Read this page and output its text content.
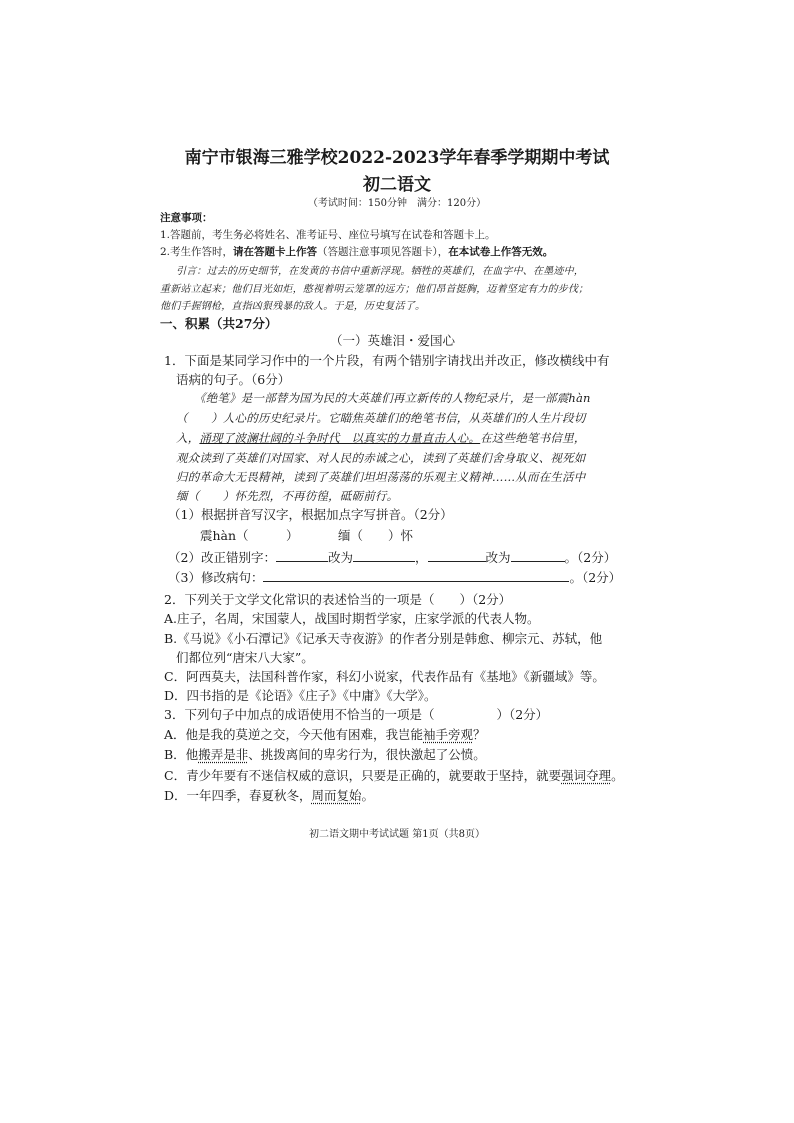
南宁市银海三雅学校2022-2023学年春季学期期中考试
初二语文
（考试时间：150分钟　满分：120分）
注意事项：
1.答题前，考生务必将姓名、准考证号、座位号填写在试卷和答题卡上。
2.考生作答时，请在答题卡上作答（答题注意事项见答题卡），在本试卷上作答无效。
引言：过去的历史细节，在发黄的书信中重新浮现。牺牲的英雄们，在血字中、在墨迹中，
重新站立起来；他们目光如炬，憨视着明云笼罩的远方；他们昂首挺胸，迈着坚定有力的步伐；
他们手握钢枪，直指凶狠残暴的敌人。于是，历史复活了。
一、积累（共27分）
（一）英雄泪・爱国心
1．下面是某同学习作中的一个片段，有两个错别字请找出并改正，修改横线中有
语病的句子。（6分）
《绝笔》是一部替为国为民的大英雄们再立新传的人物纪录片，是一部震hàn
（　　）人心的历史纪录片。它瞄焦英雄们的绝笔书信，从英雄们的人生片段切
入，涌现了波澜壮阔的斗争时代　以真实的力量直击人心。在这些绝笔书信里，
观众读到了英雄们对国家、对人民的赤诚之心，读到了英雄们舍身取义、视死如
归的革命大无畏精神，读到了英雄们坦坦荡荡的乐观主义精神……从而在生活中
缅（　　）怀先烈，不再彷徨，砥砺前行。
（1）根据拼音写汉字，根据加点字写拼音。（2分）
震hàn（　　　）	缅（　　）怀
（2）改正错别字：	改为	，	改为	。（2分）
（3）修改病句：	。（2分）
2．下列关于文学文化常识的表述恰当的一项是（　　）（2分）
A.庄子，名周，宋国蒙人，战国时期哲学家，庄家学派的代表人物。
B.《马说》《小石潭记》《记承天寺夜游》的作者分别是韩愈、柳宗元、苏轼，他
们都位列“唐宋八大家”。
C．阿西莫夫，法国科普作家，科幻小说家，代表作品有《基地》《新疆域》等。
D．四书指的是《论语》《庄子》《中庸》《大学》。
3．下列句子中加点的成语使用不恰当的一项是（	）（2分）
A．他是我的莫逆之交，今天他有困难，我岂能袖手旁观？
B．他搬弄是非、挑拨离间的卑劣行为，很快激起了公愤。
C．青少年要有不迷信权威的意识，只要是正确的，就要敢于坚持，就要强词夺理。
D．一年四季，春夏秋冬，周而复始。
初二语文期中考试试题 第1页（共8页）
